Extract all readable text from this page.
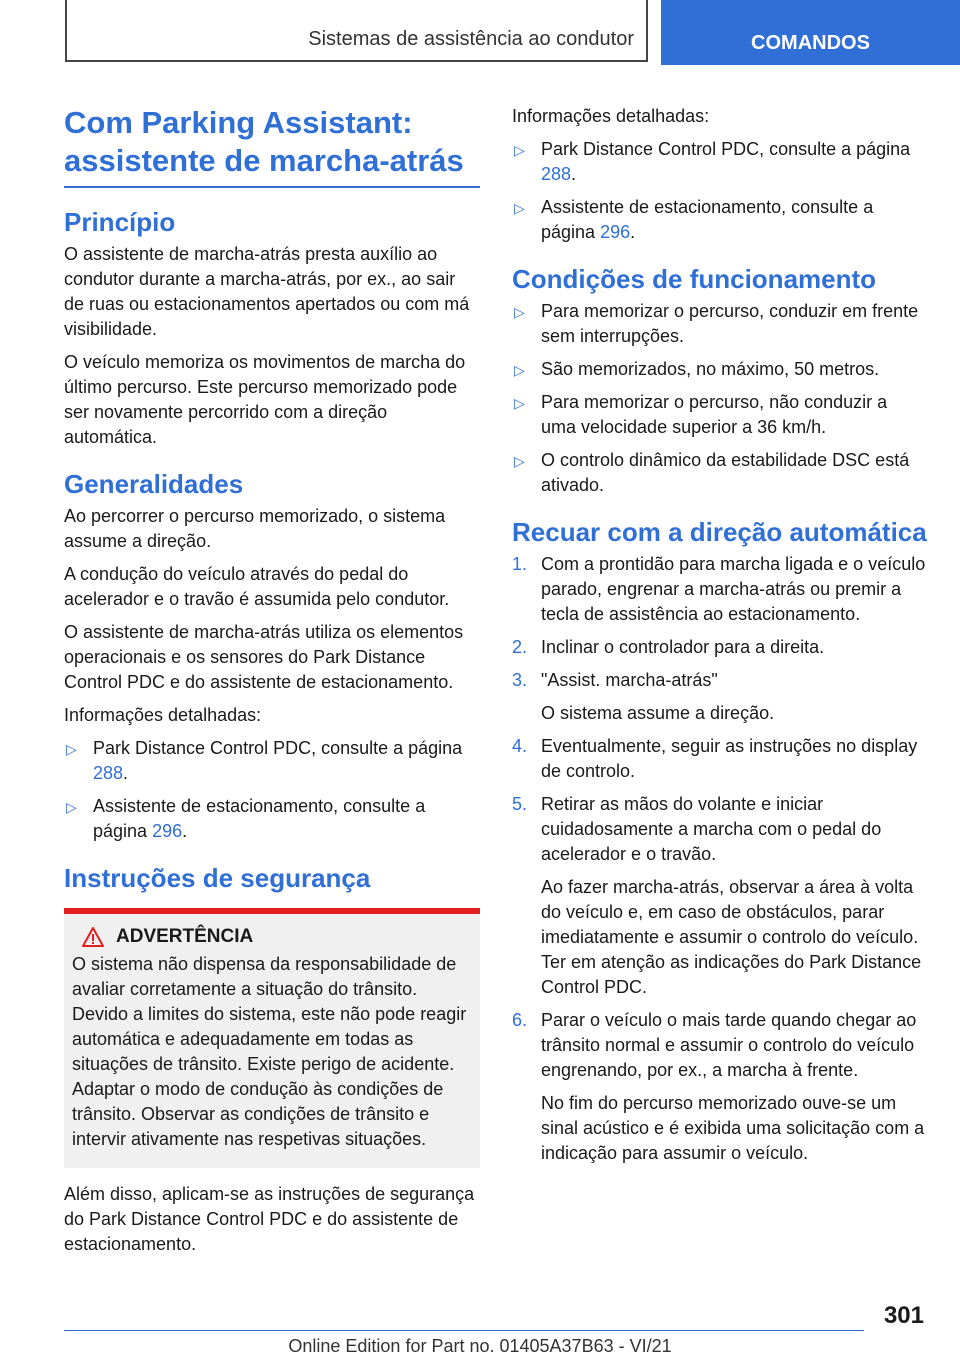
Sistemas de assistência ao condutor	COMANDOS
Com Parking Assistant: assistente de marcha-atrás
Princípio

O assistente de marcha-atrás presta auxílio ao condutor durante a marcha-atrás, por ex., ao sair de ruas ou estacionamentos apertados ou com má visibilidade.

O veículo memoriza os movimentos de marcha do último percurso. Este percurso memorizado pode ser novamente percorrido com a direção automática.

Generalidades

Ao percorrer o percurso memorizado, o sistema assume a direção.

A condução do veículo através do pedal do acelerador e o travão é assumida pelo condutor.

O assistente de marcha-atrás utiliza os elementos operacionais e os sensores do Park Distance Control PDC e do assistente de estacionamento.

Informações detalhadas:

▷ Park Distance Control PDC, consulte a página 288.
▷ Assistente de estacionamento, consulte a página 296.
Instruções de segurança
ADVERTÊNCIA

O sistema não dispensa da responsabilidade de avaliar corretamente a situação do trânsito. Devido a limites do sistema, este não pode reagir automática e adequadamente em todas as situações de trânsito. Existe perigo de acidente. Adaptar o modo de condução às condições de trânsito. Observar as condições de trânsito e intervir ativamente nas respetivas situações.

Além disso, aplicam-se as instruções de segurança do Park Distance Control PDC e do assistente de estacionamento.

Informações detalhadas:

▷ Park Distance Control PDC, consulte a página 288.
▷ Assistente de estacionamento, consulte a página 296.
Condições de funcionamento
▷ Para memorizar o percurso, conduzir em frente sem interrupções.
▷ São memorizados, no máximo, 50 metros.
▷ Para memorizar o percurso, não conduzir a uma velocidade superior a 36 km/h.
▷ O controlo dinâmico da estabilidade DSC está ativado.
Recuar com a direção automática
1. Com a prontidão para marcha ligada e o veículo parado, engrenar a marcha-atrás ou premir a tecla de assistência ao estacionamento.
2. Inclinar o controlador para a direita.
3. "Assist. marcha-atrás"
O sistema assume a direção.
4. Eventualmente, seguir as instruções no display de controlo.
5. Retirar as mãos do volante e iniciar cuidadosamente a marcha com o pedal do acelerador e o travão.
Ao fazer marcha-atrás, observar a área à volta do veículo e, em caso de obstáculos, parar imediatamente e assumir o controlo do veículo. Ter em atenção as indicações do Park Distance Control PDC.
6. Parar o veículo o mais tarde quando chegar ao trânsito normal e assumir o controlo do veículo engrenando, por ex., a marcha à frente.
No fim do percurso memorizado ouve-se um sinal acústico e é exibida uma solicitação com a indicação para assumir o veículo.
301
Online Edition for Part no. 01405A37B63 - VI/21
